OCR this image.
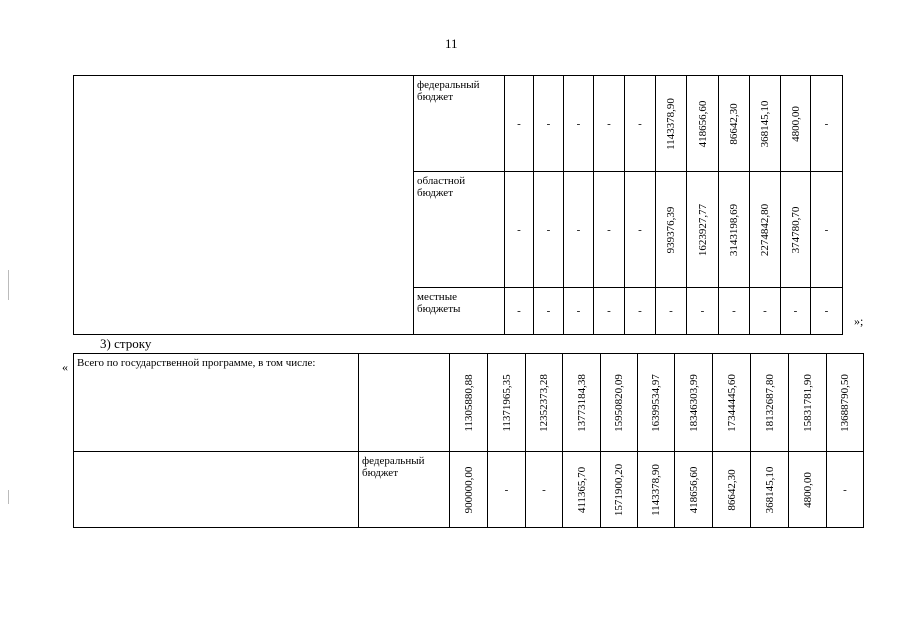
11
	федеральный бюджет	-	-	-	-	-	1143378,90	418656,60	86642,30	368145,10	4800,00	-

	областной бюджет	-	-	-	-	-	939376,39	1623927,77	3143198,69	2274842,80	374780,70	-

	местные бюджеты	-	-	-	-	-	-	-	-	-	-	-
»;
3) строку
« Всего по государственной программе, в том числе:		11305880,88	11371965,35	12352373,28	13773184,38	15950820,09	16399534,97	18346303,99	17344445,60	18132687,80	15831781,90	13688790,50

	федеральный бюджет	900000,00	-	-	411365,70	1571900,20	1143378,90	418656,60	86642,30	368145,10	4800,00	-
